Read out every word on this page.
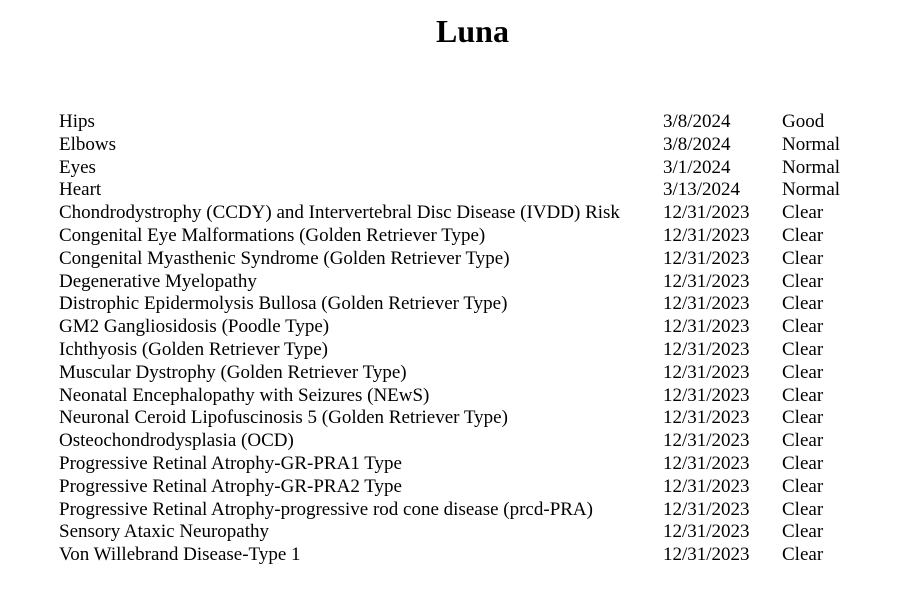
Luna
Hips	3/8/2024	Good
Elbows	3/8/2024	Normal
Eyes	3/1/2024	Normal
Heart	3/13/2024	Normal
Chondrodystrophy (CCDY) and Intervertebral Disc Disease (IVDD) Risk	12/31/2023	Clear
Congenital Eye Malformations (Golden Retriever Type)	12/31/2023	Clear
Congenital Myasthenic Syndrome (Golden Retriever Type)	12/31/2023	Clear
Degenerative Myelopathy	12/31/2023	Clear
Distrophic Epidermolysis Bullosa (Golden Retriever Type)	12/31/2023	Clear
GM2 Gangliosidosis (Poodle Type)	12/31/2023	Clear
Ichthyosis (Golden Retriever Type)	12/31/2023	Clear
Muscular Dystrophy (Golden Retriever Type)	12/31/2023	Clear
Neonatal Encephalopathy with Seizures (NEwS)	12/31/2023	Clear
Neuronal Ceroid Lipofuscinosis 5 (Golden Retriever Type)	12/31/2023	Clear
Osteochondrodysplasia (OCD)	12/31/2023	Clear
Progressive Retinal Atrophy-GR-PRA1 Type	12/31/2023	Clear
Progressive Retinal Atrophy-GR-PRA2 Type	12/31/2023	Clear
Progressive Retinal Atrophy-progressive rod cone disease (prcd-PRA)	12/31/2023	Clear
Sensory Ataxic Neuropathy	12/31/2023	Clear
Von Willebrand Disease-Type 1	12/31/2023	Clear
